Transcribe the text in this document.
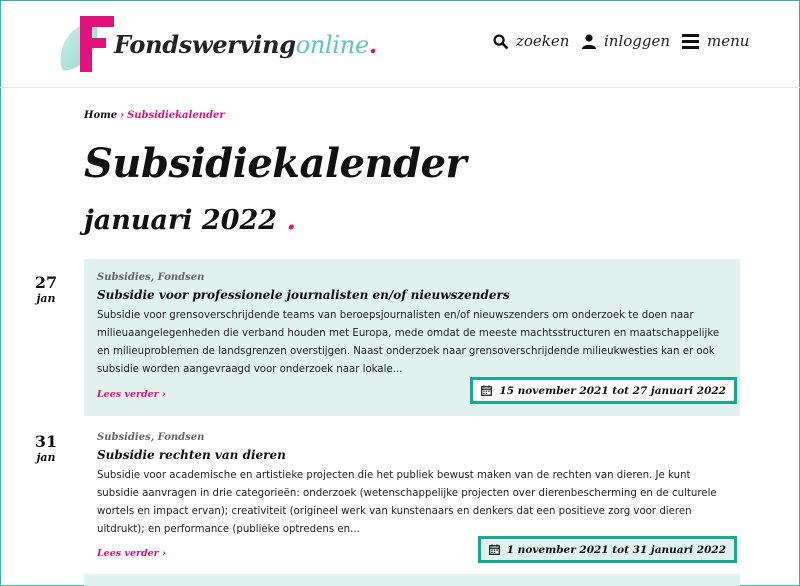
Fondswervingonline.	zoeken inloggen menu
Home › Subsidiekalender
Subsidiekalender
januari 2022 .
27
jan
Subsidies, Fondsen
Subsidie voor professionele journalisten en/of nieuwszenders
Subsidie voor grensoverschrijdende teams van beroepsjournalisten en/of nieuwszenders om onderzoek te doen naar milieuaangelegenheden die verband houden met Europa, mede omdat de meeste machtsstructuren en maatschappelijke en milieuproblemen de landsgrenzen overstijgen. Naast onderzoek naar grensoverschrijdende milieukwesties kan er ook subsidie worden aangevraagd voor onderzoek naar lokale...
Lees verder ›	15 november 2021 tot 27 januari 2022
31
jan
Subsidies, Fondsen
Subsidie rechten van dieren
Subsidie voor academische en artistieke projecten die het publiek bewust maken van de rechten van dieren. Je kunt subsidie aanvragen in drie categorieën: onderzoek (wetenschappelijke projecten over dierenbescherming en de culturele wortels en impact ervan); creativiteit (origineel werk van kunstenaars en denkers dat een positieve zorg voor dieren uitdrukt); en performance (publieke optredens en...
Lees verder ›	1 november 2021 tot 31 januari 2022
